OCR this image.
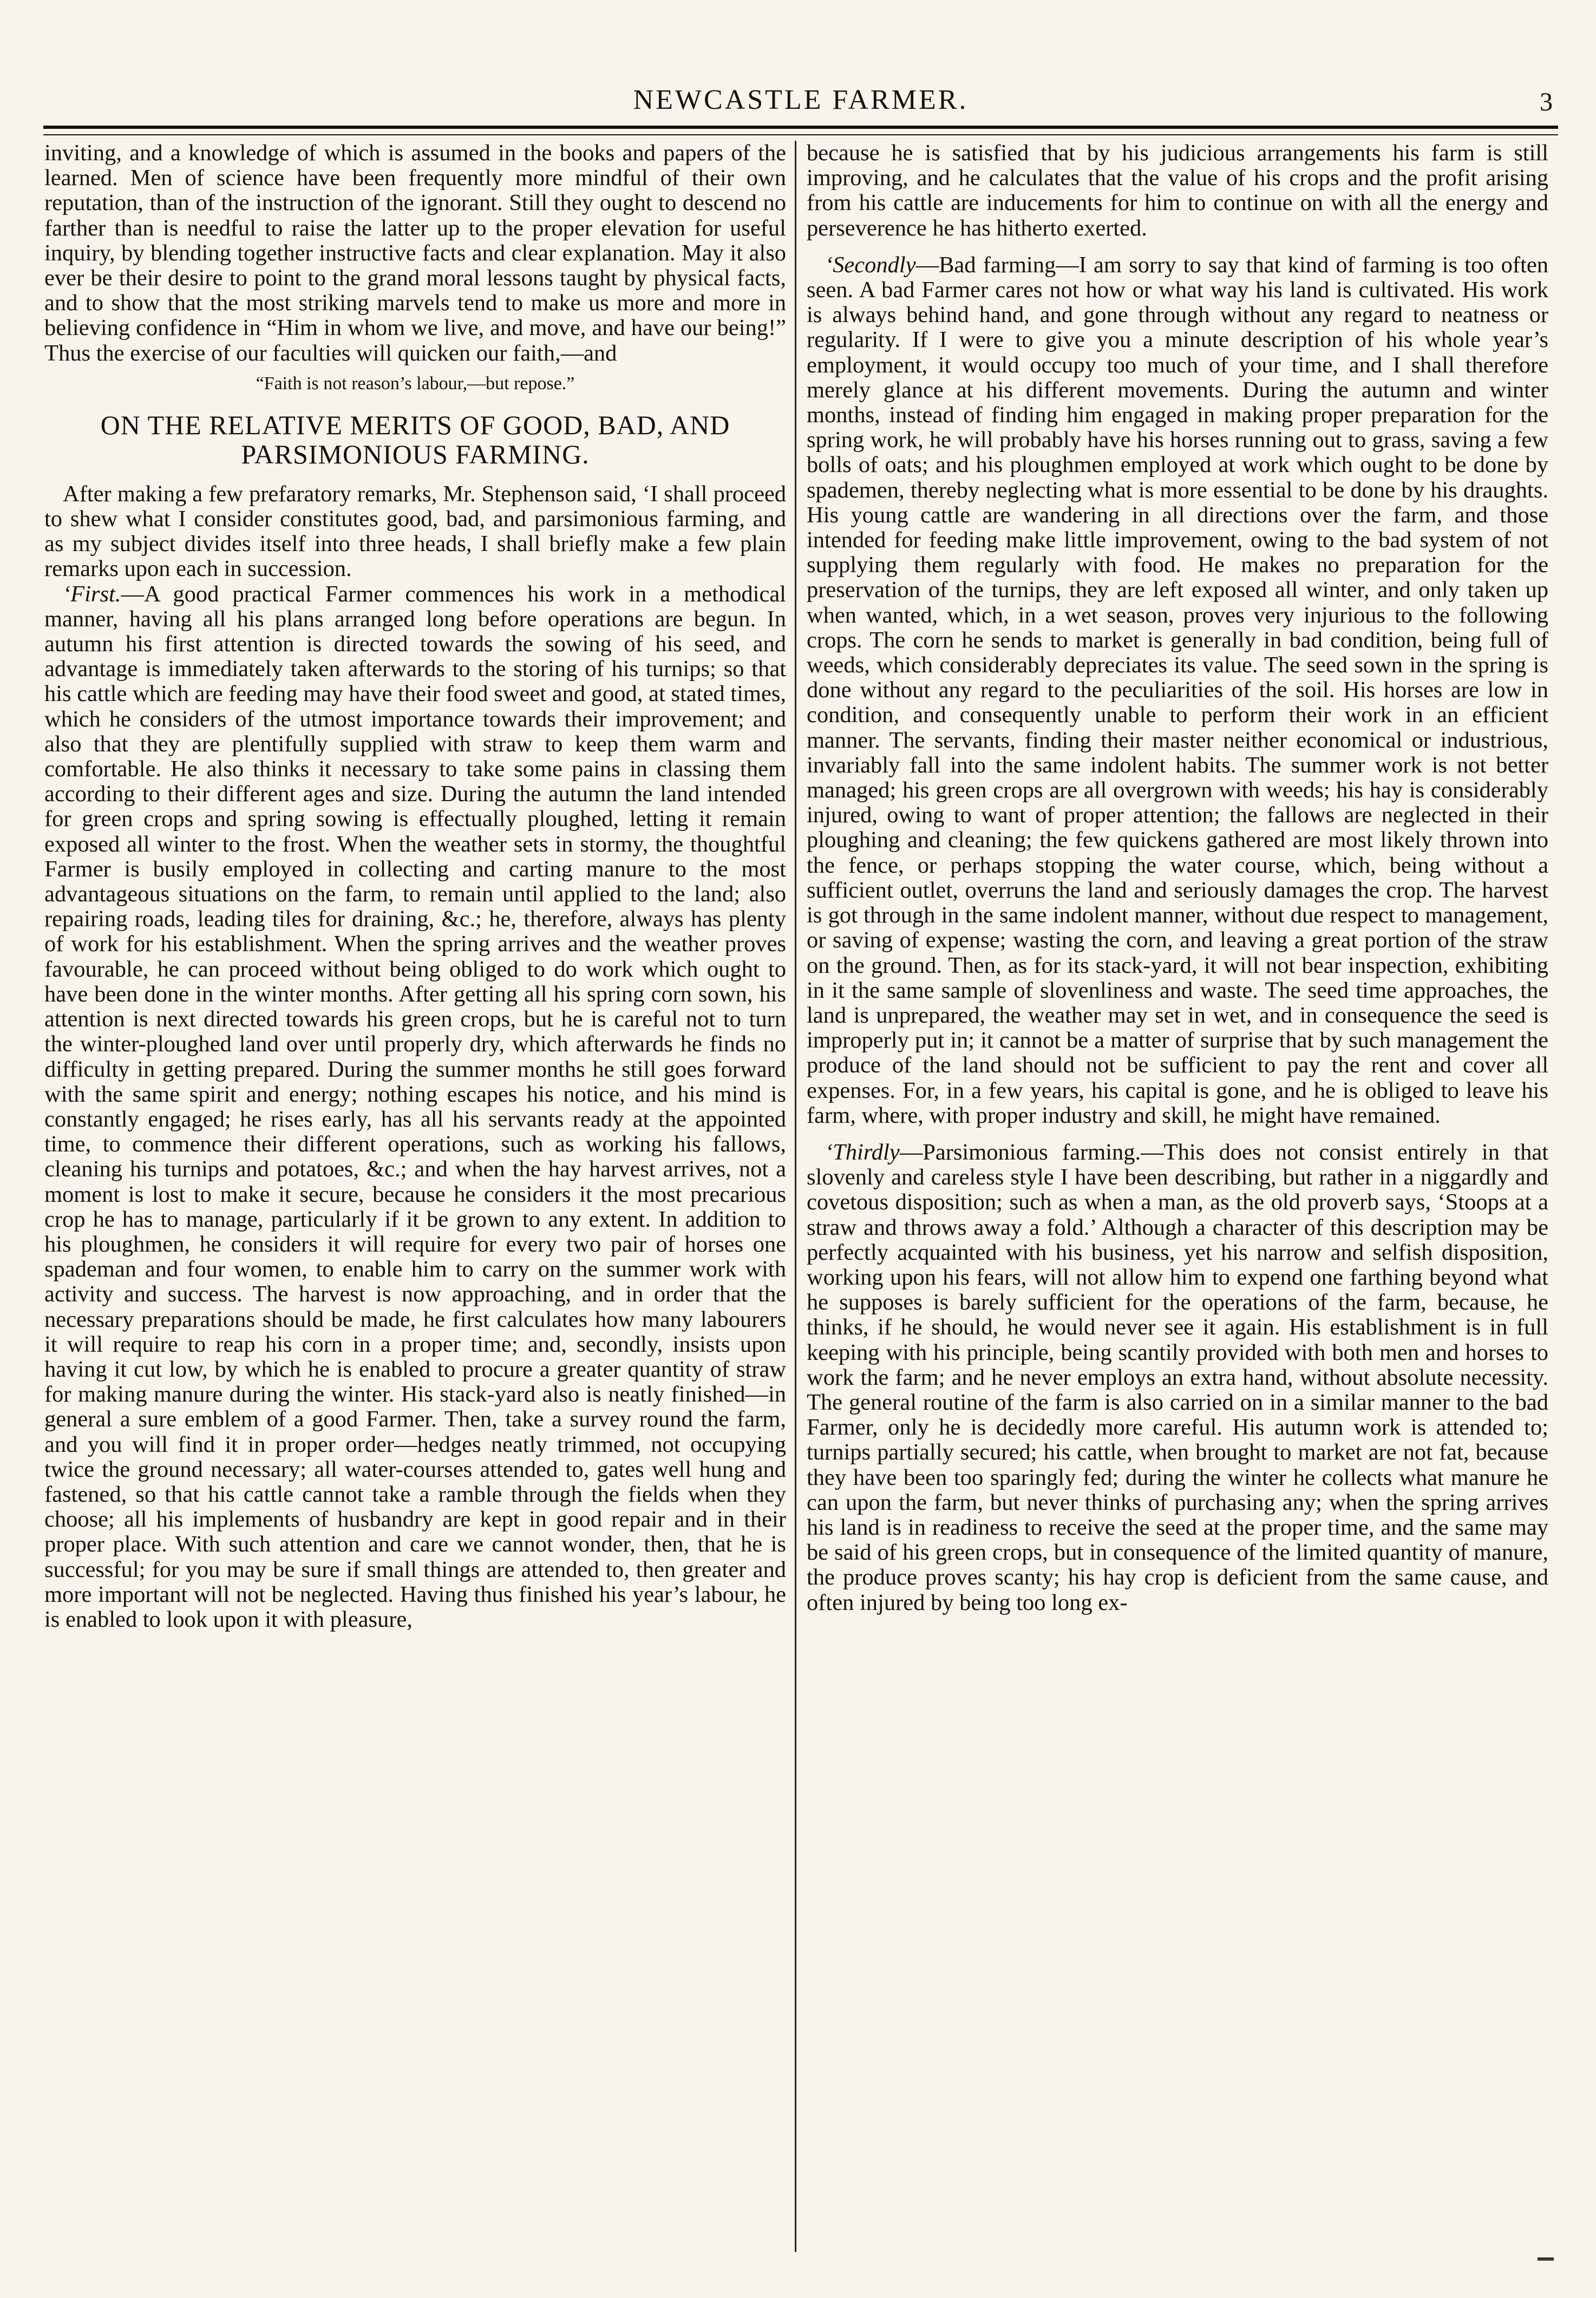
NEWCASTLE FARMER.	3

inviting, and a knowledge of which is assumed in the books and papers of the learned. Men of science have been frequently more mindful of their own reputation, than of the instruction of the ignorant. Still they ought to descend no farther than is needful to raise the latter up to the proper elevation for useful inquiry, by blending together instructive facts and clear explanation. May it also ever be their desire to point to the grand moral lessons taught by physical facts, and to show that the most striking marvels tend to make us more and more in believing confidence in “Him in whom we live, and move, and have our being!” Thus the exercise of our faculties will quicken our faith,—and

“Faith is not reason’s labour,—but repose.”
ON THE RELATIVE MERITS OF GOOD, BAD, AND PARSIMONIOUS FARMING.

After making a few prefaratory remarks, Mr. Stephenson said, ‘I shall proceed to shew what I consider constitutes good, bad, and parsimonious farming, and as my subject divides itself into three heads, I shall briefly make a few plain remarks upon each in succession.

‘First.—A good practical Farmer commences his work in a methodical manner, having all his plans arranged long before operations are begun. In autumn his first attention is directed towards the sowing of his seed, and advantage is immediately taken afterwards to the storing of his turnips; so that his cattle which are feeding may have their food sweet and good, at stated times, which he considers of the utmost importance towards their improvement; and also that they are plentifully supplied with straw to keep them warm and comfortable. He also thinks it necessary to take some pains in classing them according to their different ages and size. During the autumn the land intended for green crops and spring sowing is effectually ploughed, letting it remain exposed all winter to the frost. When the weather sets in stormy, the thoughtful Farmer is busily employed in collecting and carting manure to the most advantageous situations on the farm, to remain until applied to the land; also repairing roads, leading tiles for draining, &c.; he, therefore, always has plenty of work for his establishment. When the spring arrives and the weather proves favourable, he can proceed without being obliged to do work which ought to have been done in the winter months. After getting all his spring corn sown, his attention is next directed towards his green crops, but he is careful not to turn the winter-ploughed land over until properly dry, which afterwards he finds no difficulty in getting prepared. During the summer months he still goes forward with the same spirit and energy; nothing escapes his notice, and his mind is constantly engaged; he rises early, has all his servants ready at the appointed time, to commence their different operations, such as working his fallows, cleaning his turnips and potatoes, &c.; and when the hay harvest arrives, not a moment is lost to make it secure, because he considers it the most precarious crop he has to manage, particularly if it be grown to any extent. In addition to his ploughmen, he considers it will require for every two pair of horses one spademan and four women, to enable him to carry on the summer work with activity and success. The harvest is now approaching, and in order that the necessary preparations should be made, he first calculates how many labourers it will require to reap his corn in a proper time; and, secondly, insists upon having it cut low, by which he is enabled to procure a greater quantity of straw for making manure during the winter. His stack-yard also is neatly finished—in general a sure emblem of a good Farmer. Then, take a survey round the farm, and you will find it in proper order—hedges neatly trimmed, not occupying twice the ground necessary; all water-courses attended to, gates well hung and fastened, so that his cattle cannot take a ramble through the fields when they choose; all his implements of husbandry are kept in good repair and in their proper place. With such attention and care we cannot wonder, then, that he is successful; for you may be sure if small things are attended to, then greater and more important will not be neglected. Having thus finished his year’s labour, he is enabled to look upon it with pleasure,

because he is satisfied that by his judicious arrangements his farm is still improving, and he calculates that the value of his crops and the profit arising from his cattle are inducements for him to continue on with all the energy and perseverence he has hitherto exerted.

‘Secondly—Bad farming—I am sorry to say that kind of farming is too often seen. A bad Farmer cares not how or what way his land is cultivated. His work is always behind hand, and gone through without any regard to neatness or regularity. If I were to give you a minute description of his whole year’s employment, it would occupy too much of your time, and I shall therefore merely glance at his different movements. During the autumn and winter months, instead of finding him engaged in making proper preparation for the spring work, he will probably have his horses running out to grass, saving a few bolls of oats; and his ploughmen employed at work which ought to be done by spademen, thereby neglecting what is more essential to be done by his draughts. His young cattle are wandering in all directions over the farm, and those intended for feeding make little improvement, owing to the bad system of not supplying them regularly with food. He makes no preparation for the preservation of the turnips, they are left exposed all winter, and only taken up when wanted, which, in a wet season, proves very injurious to the following crops. The corn he sends to market is generally in bad condition, being full of weeds, which considerably depreciates its value. The seed sown in the spring is done without any regard to the peculiarities of the soil. His horses are low in condition, and consequently unable to perform their work in an efficient manner. The servants, finding their master neither economical or industrious, invariably fall into the same indolent habits. The summer work is not better managed; his green crops are all overgrown with weeds; his hay is considerably injured, owing to want of proper attention; the fallows are neglected in their ploughing and cleaning; the few quickens gathered are most likely thrown into the fence, or perhaps stopping the water course, which, being without a sufficient outlet, overruns the land and seriously damages the crop. The harvest is got through in the same indolent manner, without due respect to management, or saving of expense; wasting the corn, and leaving a great portion of the straw on the ground. Then, as for its stack-yard, it will not bear inspection, exhibiting in it the same sample of slovenliness and waste. The seed time approaches, the land is unprepared, the weather may set in wet, and in consequence the seed is improperly put in; it cannot be a matter of surprise that by such management the produce of the land should not be sufficient to pay the rent and cover all expenses. For, in a few years, his capital is gone, and he is obliged to leave his farm, where, with proper industry and skill, he might have remained.

‘Thirdly—Parsimonious farming.—This does not consist entirely in that slovenly and careless style I have been describing, but rather in a niggardly and covetous disposition; such as when a man, as the old proverb says, ‘Stoops at a straw and throws away a fold.’ Although a character of this description may be perfectly acquainted with his business, yet his narrow and selfish disposition, working upon his fears, will not allow him to expend one farthing beyond what he supposes is barely sufficient for the operations of the farm, because, he thinks, if he should, he would never see it again. His establishment is in full keeping with his principle, being scantily provided with both men and horses to work the farm; and he never employs an extra hand, without absolute necessity. The general routine of the farm is also carried on in a similar manner to the bad Farmer, only he is decidedly more careful. His autumn work is attended to; turnips partially secured; his cattle, when brought to market are not fat, because they have been too sparingly fed; during the winter he collects what manure he can upon the farm, but never thinks of purchasing any; when the spring arrives his land is in readiness to receive the seed at the proper time, and the same may be said of his green crops, but in consequence of the limited quantity of manure, the produce proves scanty; his hay crop is deficient from the same cause, and often injured by being too long ex-
